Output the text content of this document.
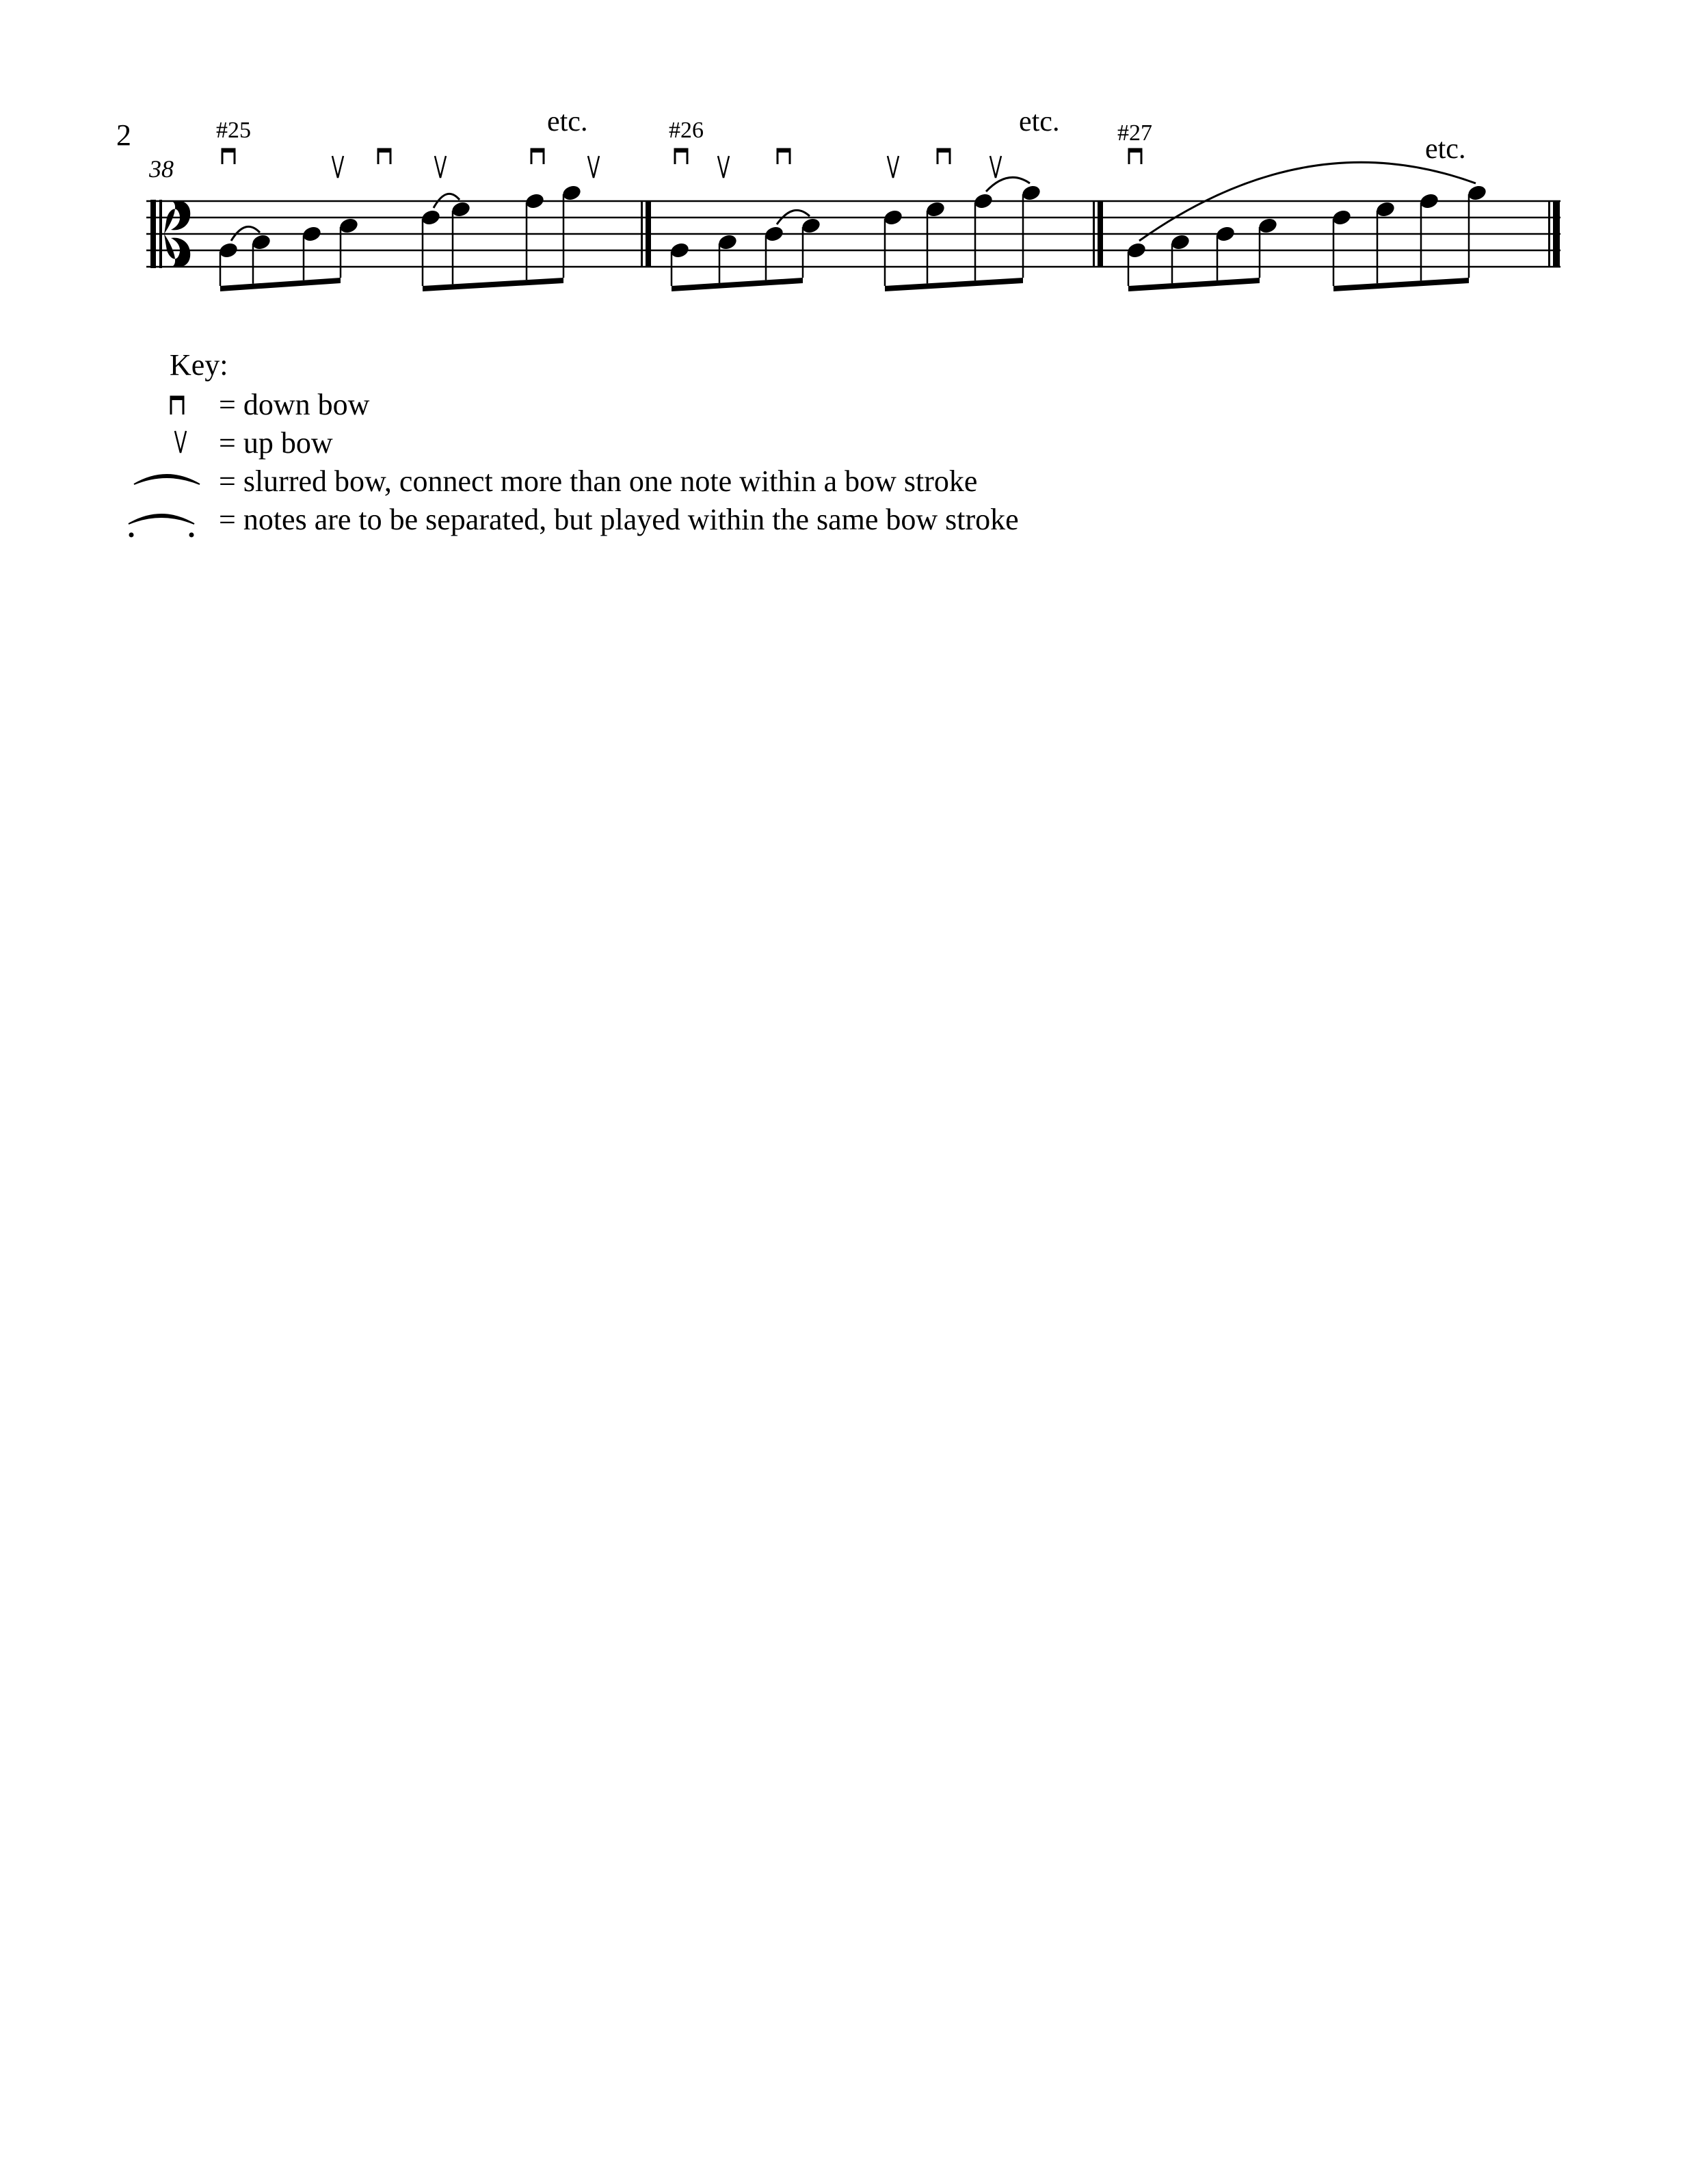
2
38
#25	#26	#27
etc.	etc.
etc.
Key:
= down bow
= up bow
= slurred bow, connect more than one note within a bow stroke
= notes are to be separated, but played within the same bow stroke
